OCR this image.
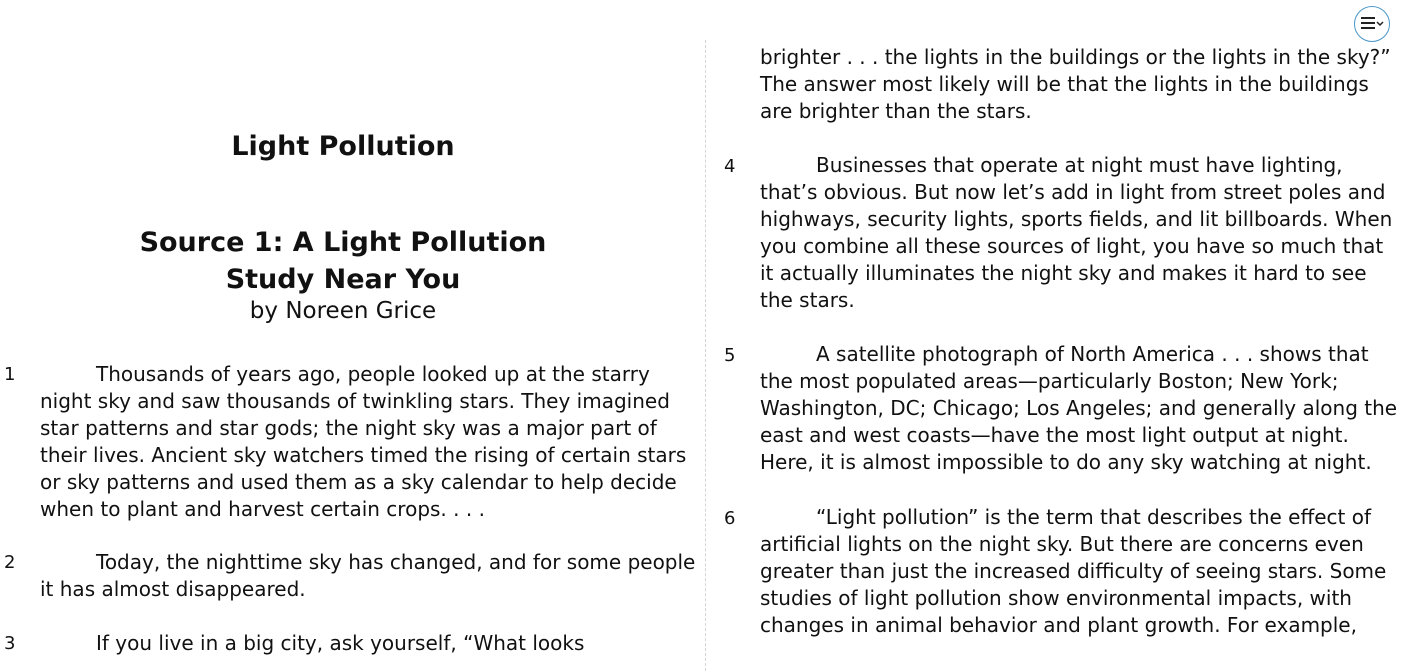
Light Pollution
Source 1: A Light Pollution
Study Near You
by Noreen Grice
1	Thousands of years ago, people looked up at the starry night sky and saw thousands of twinkling stars. They imagined star patterns and star gods; the night sky was a major part of their lives. Ancient sky watchers timed the rising of certain stars or sky patterns and used them as a sky calendar to help decide when to plant and harvest certain crops. . . .

2	Today, the nighttime sky has changed, and for some people it has almost disappeared.

3	If you live in a big city, ask yourself, “What looks

brighter . . . the lights in the buildings or the lights in the sky?” The answer most likely will be that the lights in the buildings are brighter than the stars.

4	Businesses that operate at night must have lighting, that’s obvious. But now let’s add in light from street poles and highways, security lights, sports fields, and lit billboards. When you combine all these sources of light, you have so much that it actually illuminates the night sky and makes it hard to see the stars.

5	A satellite photograph of North America . . . shows that the most populated areas—particularly Boston; New York; Washington, DC; Chicago; Los Angeles; and generally along the east and west coasts—have the most light output at night. Here, it is almost impossible to do any sky watching at night.

6	“Light pollution” is the term that describes the effect of artificial lights on the night sky. But there are concerns even greater than just the increased difficulty of seeing stars. Some studies of light pollution show environmental impacts, with changes in animal behavior and plant growth. For example,
